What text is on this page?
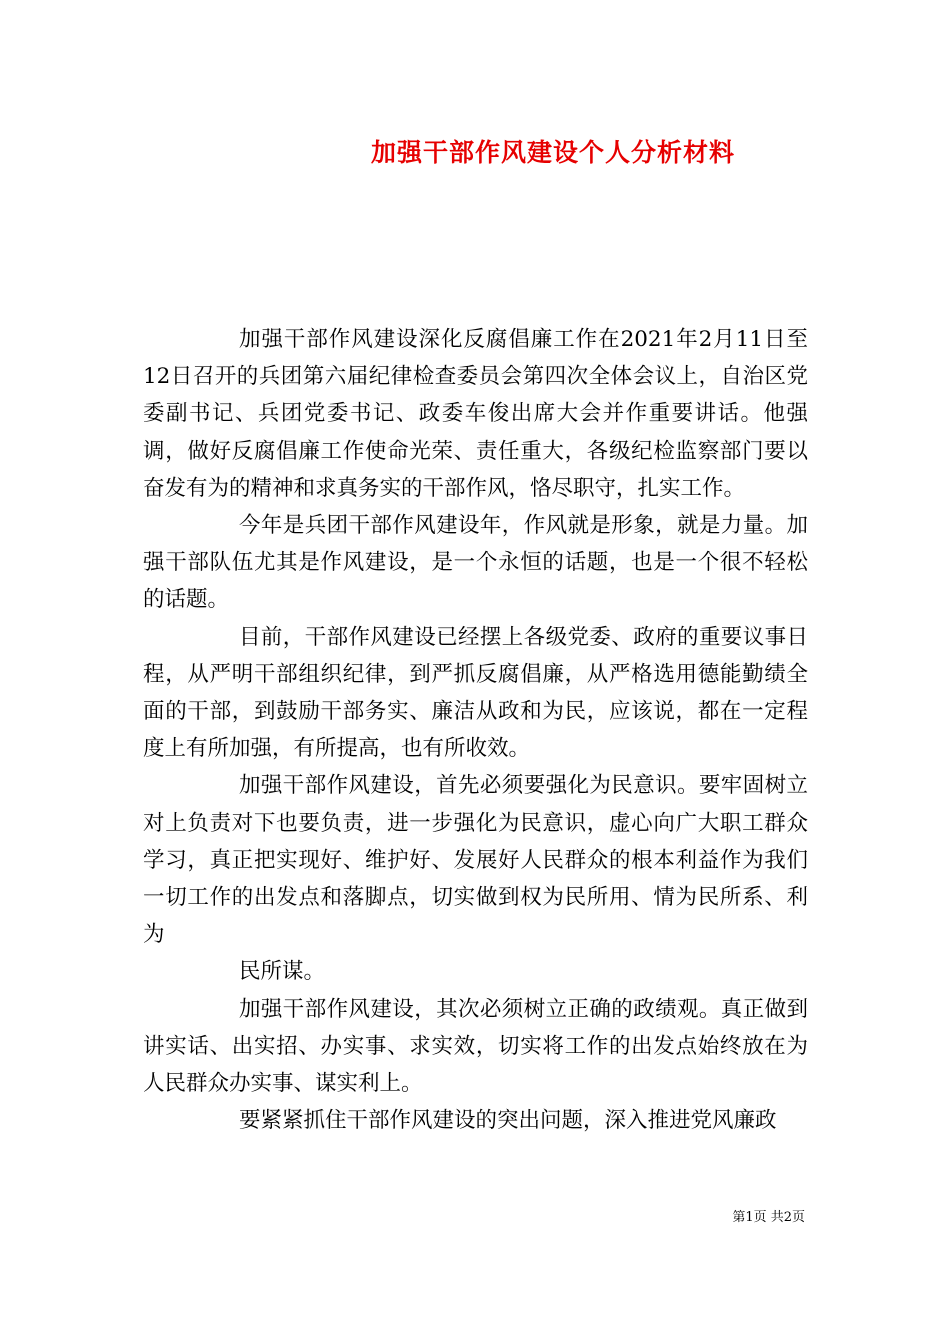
加强干部作风建设个人分析材料

加强干部作风建设深化反腐倡廉工作在2021年2月11日至12日召开的兵团第六届纪律检查委员会第四次全体会议上，自治区党委副书记、兵团党委书记、政委车俊出席大会并作重要讲话。他强调，做好反腐倡廉工作使命光荣、责任重大，各级纪检监察部门要以奋发有为的精神和求真务实的干部作风，恪尽职守，扎实工作。

今年是兵团干部作风建设年，作风就是形象，就是力量。加强干部队伍尤其是作风建设，是一个永恒的话题，也是一个很不轻松的话题。

目前，干部作风建设已经摆上各级党委、政府的重要议事日程，从严明干部组织纪律，到严抓反腐倡廉，从严格选用德能勤绩全面的干部，到鼓励干部务实、廉洁从政和为民，应该说，都在一定程度上有所加强，有所提高，也有所收效。

加强干部作风建设，首先必须要强化为民意识。要牢固树立对上负责对下也要负责，进一步强化为民意识，虚心向广大职工群众学习，真正把实现好、维护好、发展好人民群众的根本利益作为我们一切工作的出发点和落脚点，切实做到权为民所用、情为民所系、利为

民所谋。

加强干部作风建设，其次必须树立正确的政绩观。真正做到讲实话、出实招、办实事、求实效，切实将工作的出发点始终放在为人民群众办实事、谋实利上。

要紧紧抓住干部作风建设的突出问题，深入推进党风廉政

第1页 共2页
